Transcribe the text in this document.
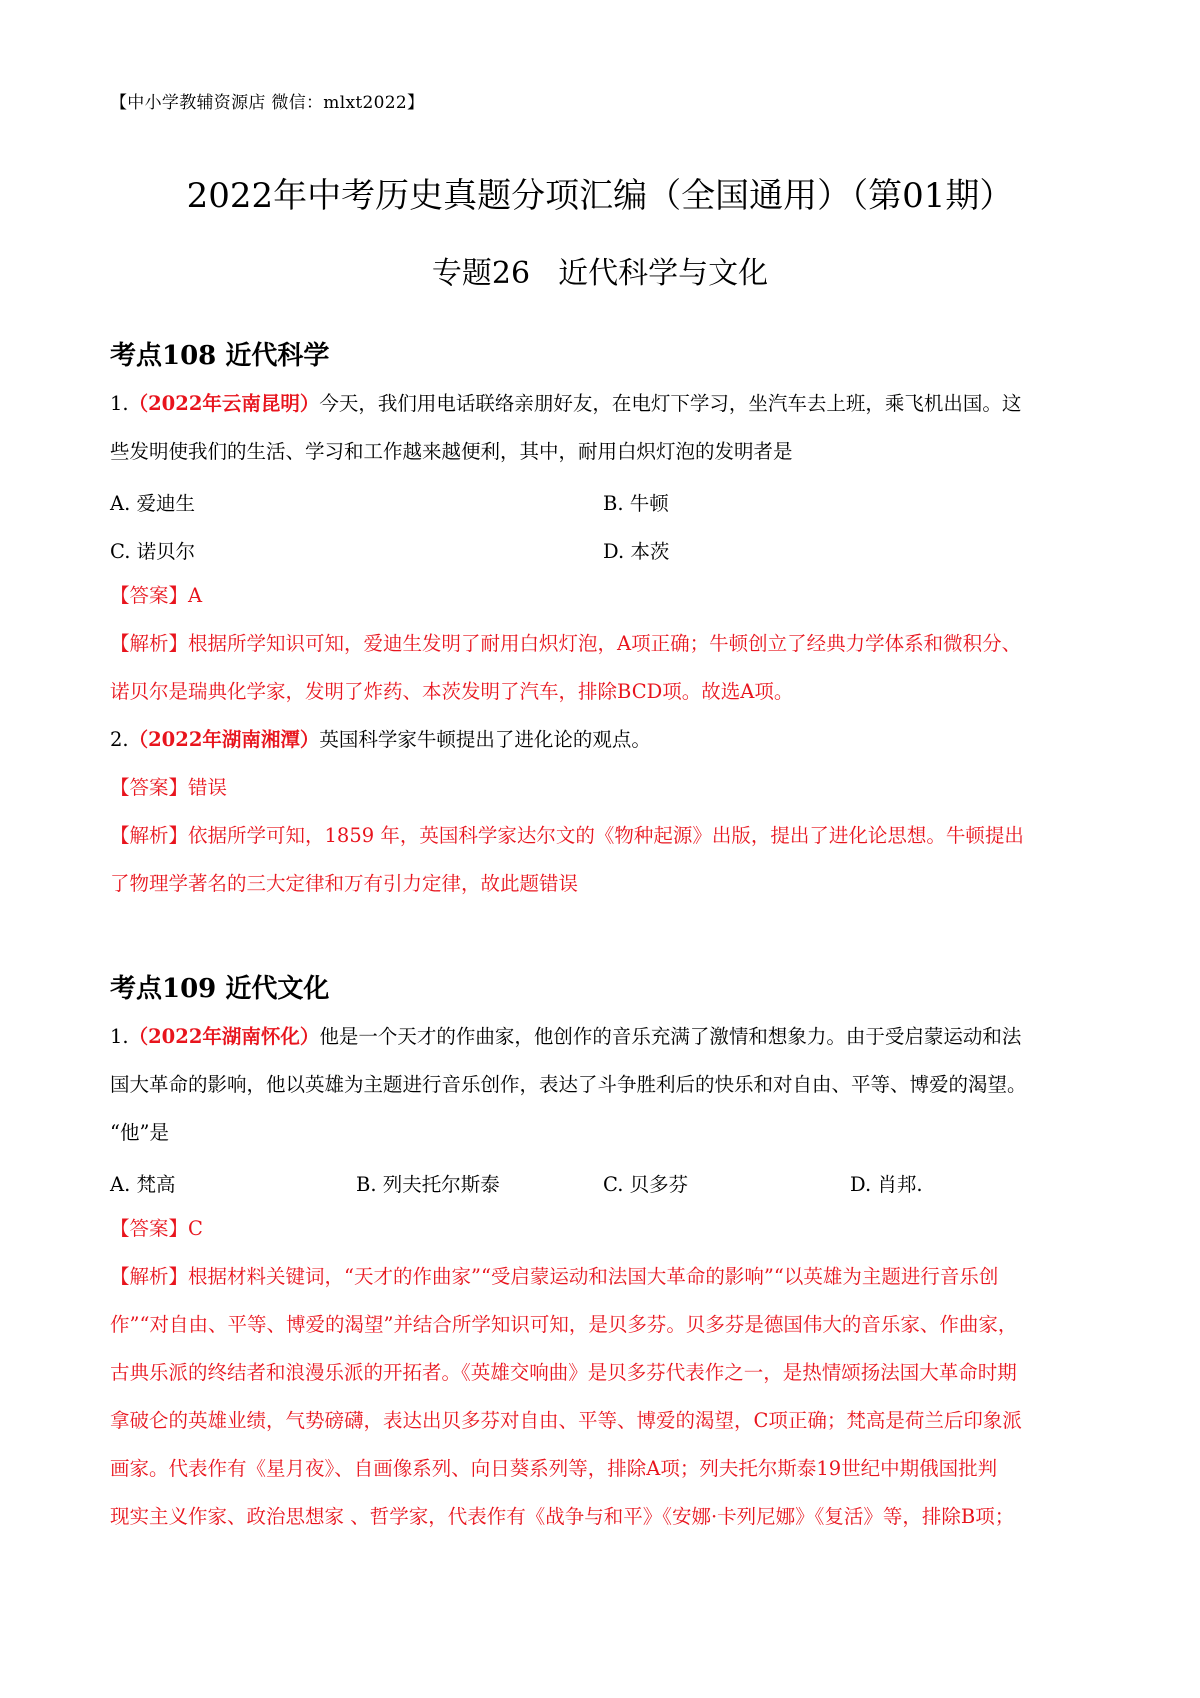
【中小学教辅资源店 微信：mlxt2022】
2022年中考历史真题分项汇编（全国通用）（第01期）
专题26 近代科学与文化
考点108 近代科学
1.（2022年云南昆明）今天，我们用电话联络亲朋好友，在电灯下学习，坐汽车去上班，乘飞机出国。这
些发明使我们的生活、学习和工作越来越便利，其中，耐用白炽灯泡的发明者是
A. 爱迪生	B. 牛顿
C. 诺贝尔	D. 本茨
【答案】A
【解析】根据所学知识可知，爱迪生发明了耐用白炽灯泡，A项正确；牛顿创立了经典力学体系和微积分、
诺贝尔是瑞典化学家，发明了炸药、本茨发明了汽车，排除BCD项。故选A项。
2.（2022年湖南湘潭）英国科学家牛顿提出了进化论的观点。
【答案】错误
【解析】依据所学可知，1859 年，英国科学家达尔文的《物种起源》出版，提出了进化论思想。牛顿提出
了物理学著名的三大定律和万有引力定律，故此题错误
考点109 近代文化
1.（2022年湖南怀化）他是一个天才的作曲家，他创作的音乐充满了激情和想象力。由于受启蒙运动和法
国大革命的影响，他以英雄为主题进行音乐创作，表达了斗争胜利后的快乐和对自由、平等、博爱的渴望。
“他”是
A. 梵高	B. 列夫托尔斯泰	C. 贝多芬	D. 肖邦.
【答案】C
【解析】根据材料关键词，“天才的作曲家”“受启蒙运动和法国大革命的影响”“以英雄为主题进行音乐创
作”“对自由、平等、博爱的渴望”并结合所学知识可知，是贝多芬。贝多芬是德国伟大的音乐家、作曲家，
古典乐派的终结者和浪漫乐派的开拓者。《英雄交响曲》是贝多芬代表作之一，是热情颂扬法国大革命时期
拿破仑的英雄业绩，气势磅礴，表达出贝多芬对自由、平等、博爱的渴望，C项正确；梵高是荷兰后印象派
画家。代表作有《星月夜》、自画像系列、向日葵系列等，排除A项；列夫托尔斯泰19世纪中期俄国批判
现实主义作家、政治思想家 、哲学家，代表作有《战争与和平》《安娜·卡列尼娜》《复活》等，排除B项；
